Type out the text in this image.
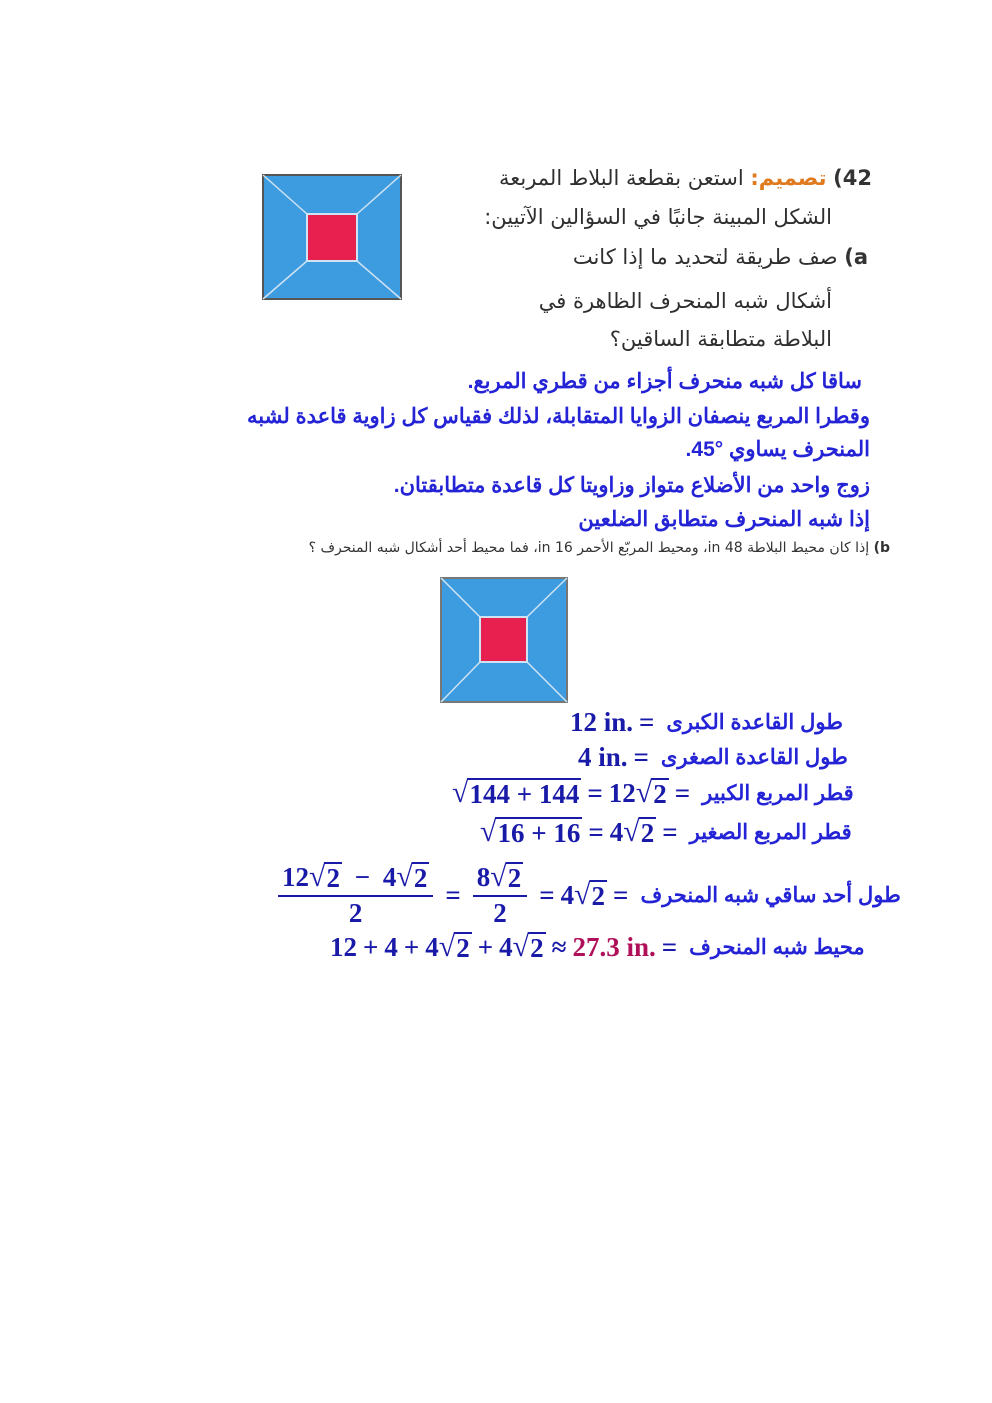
42) تصميم: استعن بقطعة البلاط المربعة
الشكل المبينة جانبًا في السؤالين الآتيين:
a) صف طريقة لتحديد ما إذا كانت
أشكال شبه المنحرف الظاهرة في
البلاطة متطابقة الساقين؟
ساقا كل شبه منحرف أجزاء من قطري المربع.
وقطرا المربع ينصفان الزوايا المتقابلة، لذلك فقياس كل زاوية قاعدة لشبه
المنحرف يساوي °45.
زوج واحد من الأضلاع متواز وزاويتا كل قاعدة متطابقتان.
إذا شبه المنحرف متطابق الضلعين
b) إذا كان محيط البلاطة 48 in، ومحيط المربّع الأحمر 16 in، فما محيط أحد أشكال شبه المنحرف ؟
12 in. = طول القاعدة الكبرى
4 in. = طول القاعدة الصغرى
√ 144 + 144 = 12 √ 2 = قطر المربع الكبير
√ 16 + 16 = 4 √ 2 = قطر المربع الصغير
$\frac{12 √ 2 - 4 √ 2}{2} = \frac{8 √ 2}{2} = 4$ √ 2 = طول أحد ساقي شبه المنحرف
12 + 4 + 4 √ 2 + 4 √ 2 ≈ 27.3 in. = محيط شبه المنحرف
